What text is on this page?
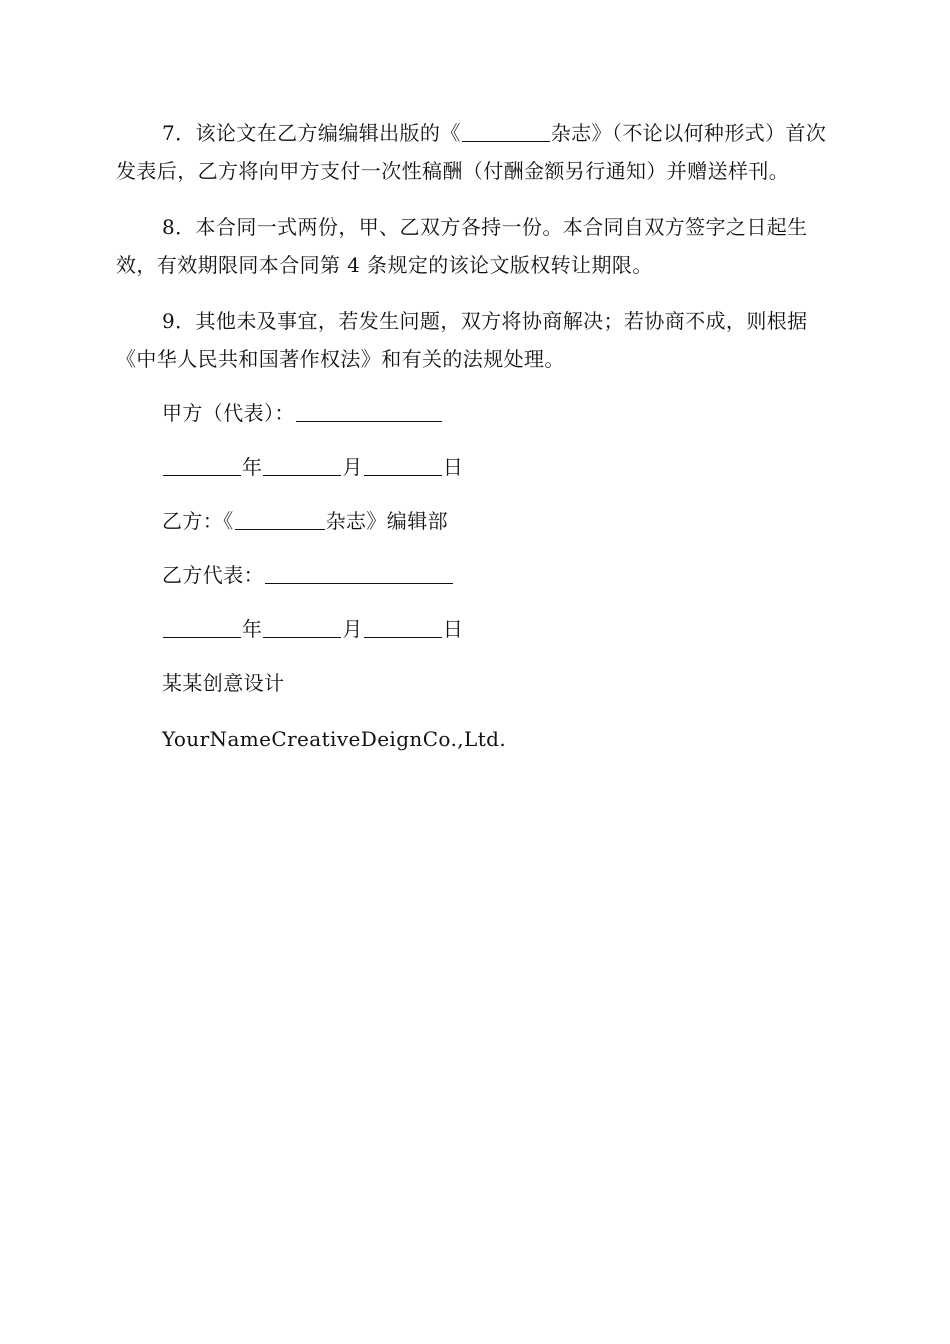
7．该论文在乙方编编辑出版的《	杂志》（不论以何种形式）首次发表后，乙方将向甲方支付一次性稿酬（付酬金额另行通知）并赠送样刊。

8．本合同一式两份，甲、乙双方各持一份。本合同自双方签字之日起生效，有效期限同本合同第 4 条规定的该论文版权转让期限。

9．其他未及事宜，若发生问题，双方将协商解决；若协商不成，则根据《中华人民共和国著作权法》和有关的法规处理。

甲方（代表）：
年	月	日
乙方：《	杂志》编辑部
乙方代表：
年	月	日
某某创意设计
YourNameCreativeDeignCo.,Ltd.
